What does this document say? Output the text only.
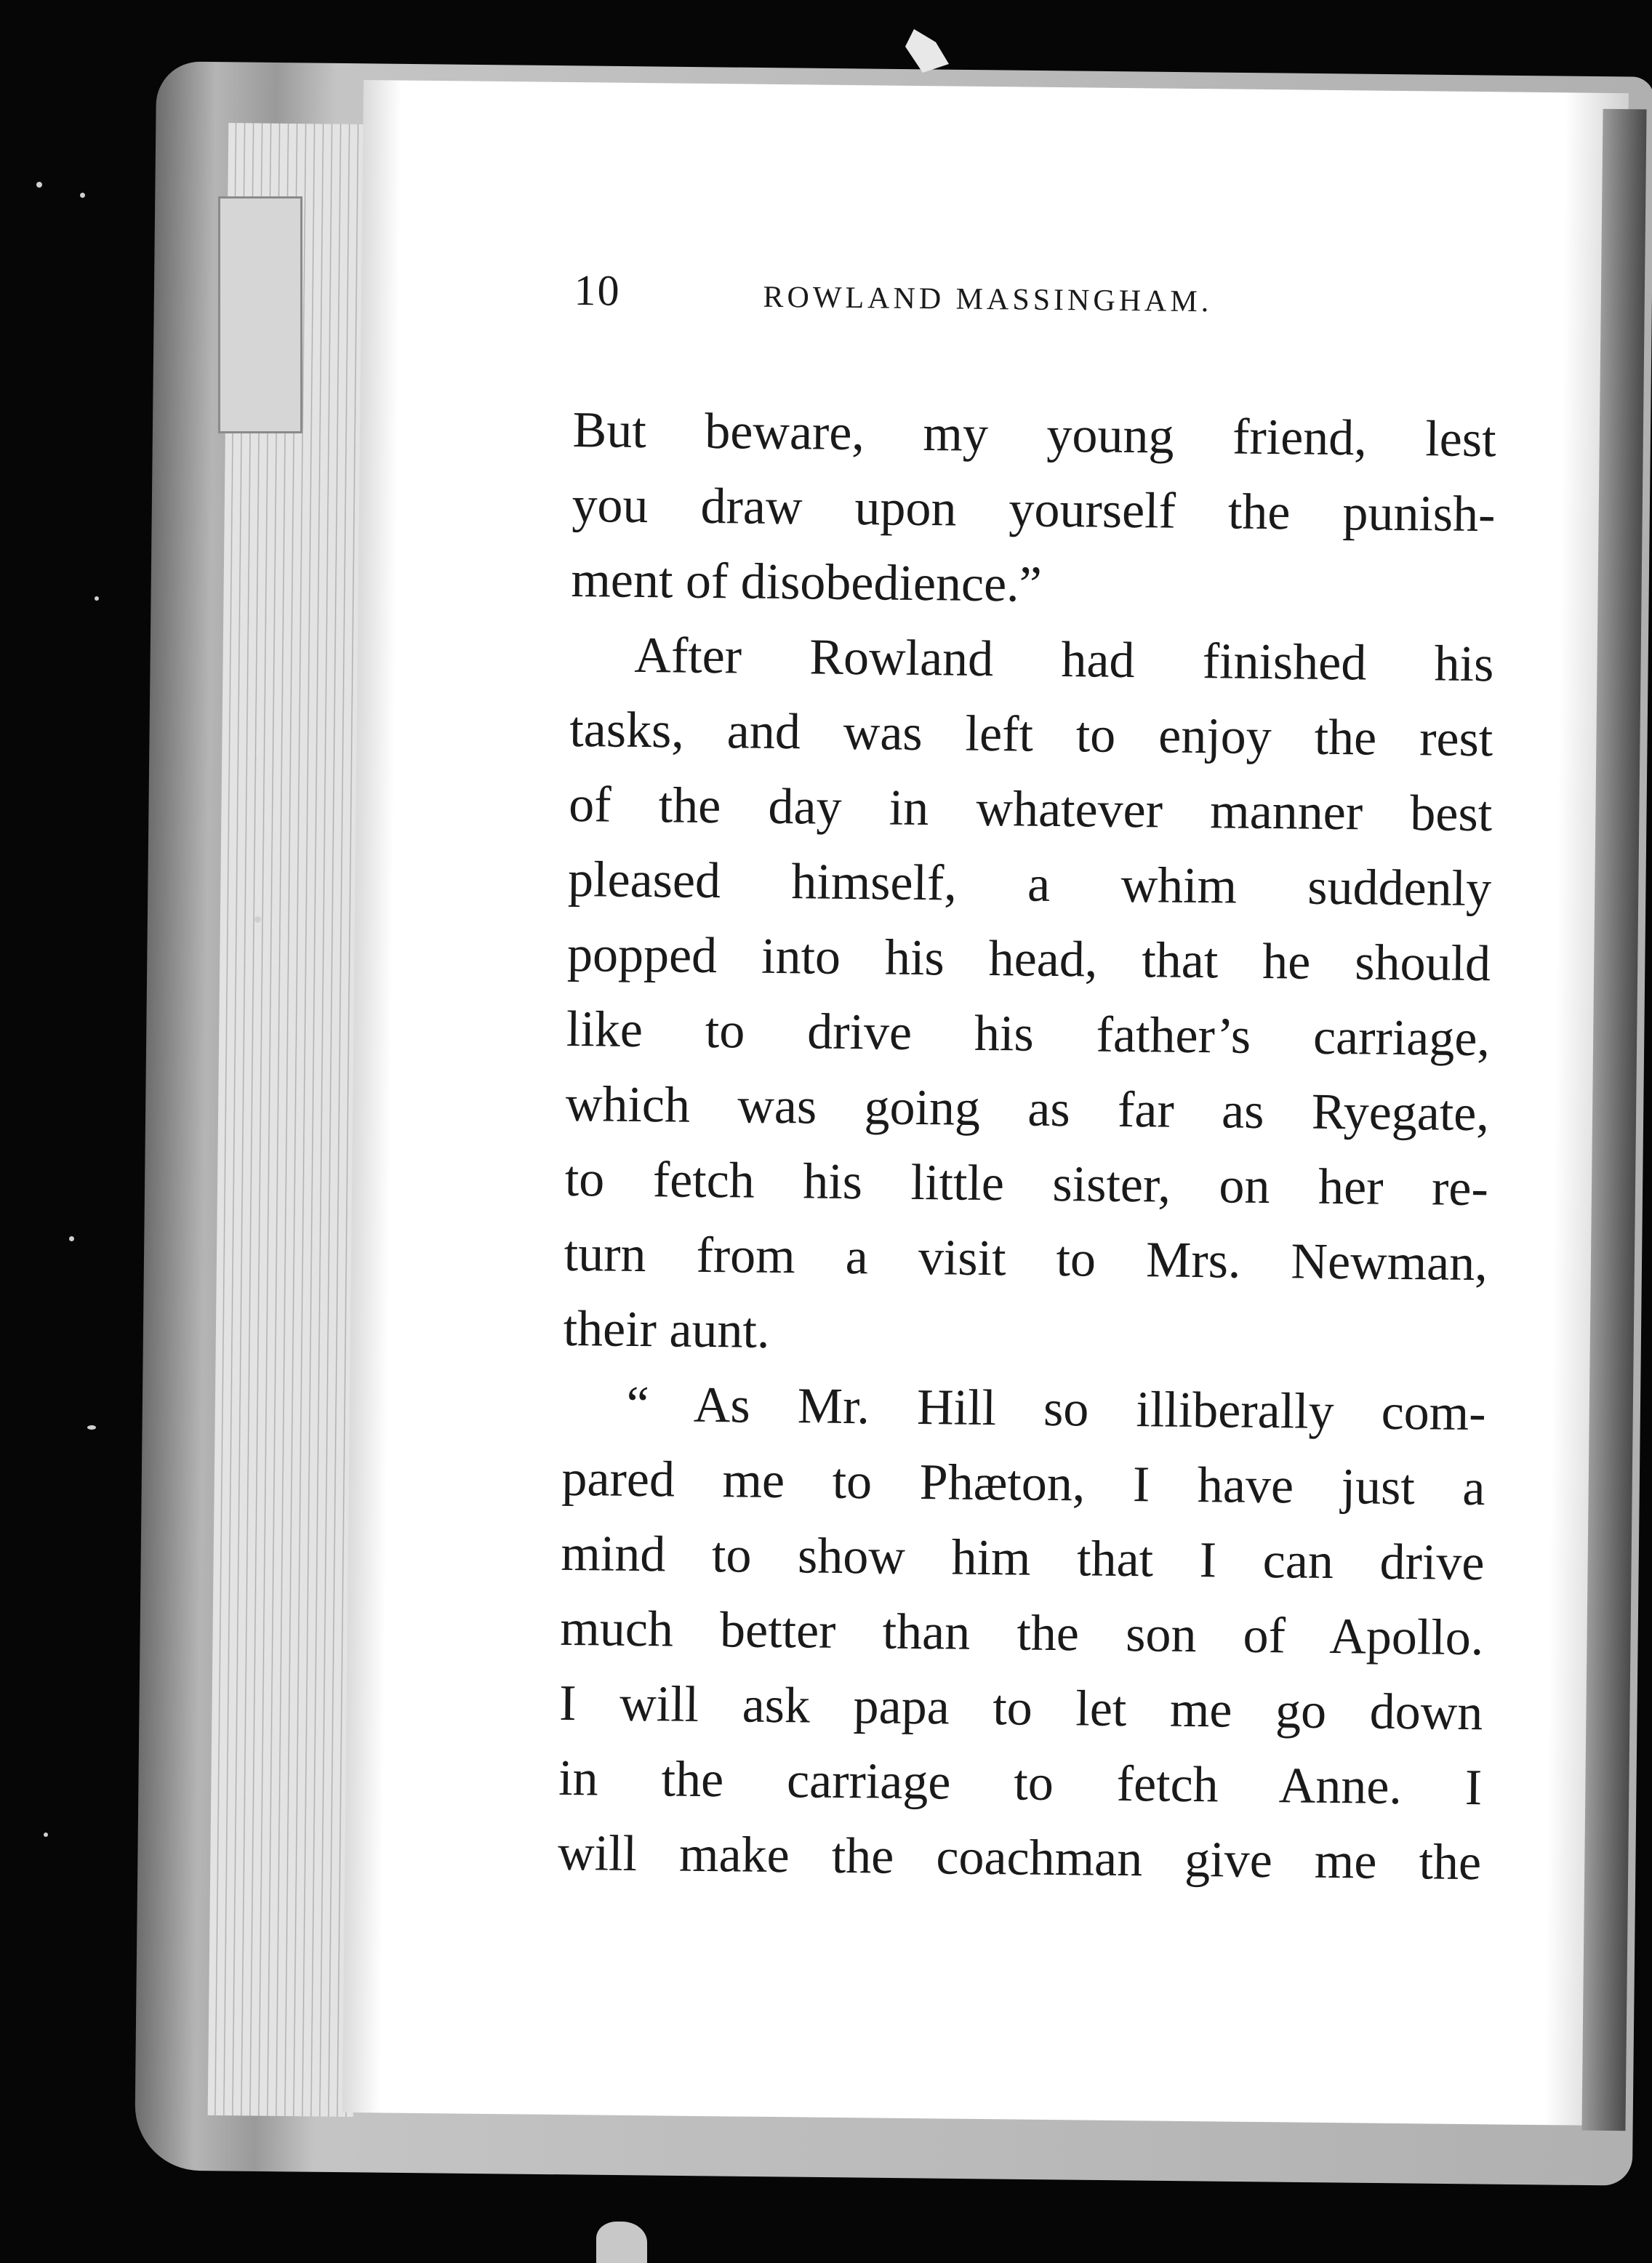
10	ROWLAND MASSINGHAM.
But beware, my young friend, lest
you draw upon yourself the punish-
ment of disobedience.”
After Rowland had finished his
tasks, and was left to enjoy the rest
of the day in whatever manner best
pleased himself, a whim suddenly
popped into his head, that he should
like to drive his father’s carriage,
which was going as far as Ryegate,
to fetch his little sister, on her re-
turn from a visit to Mrs. Newman,
their aunt.
“ As Mr. Hill so illiberally com-
pared me to Phæton, I have just a
mind to show him that I can drive
much better than the son of Apollo.
I will ask papa to let me go down
in the carriage to fetch Anne. I
will make the coachman give me the
